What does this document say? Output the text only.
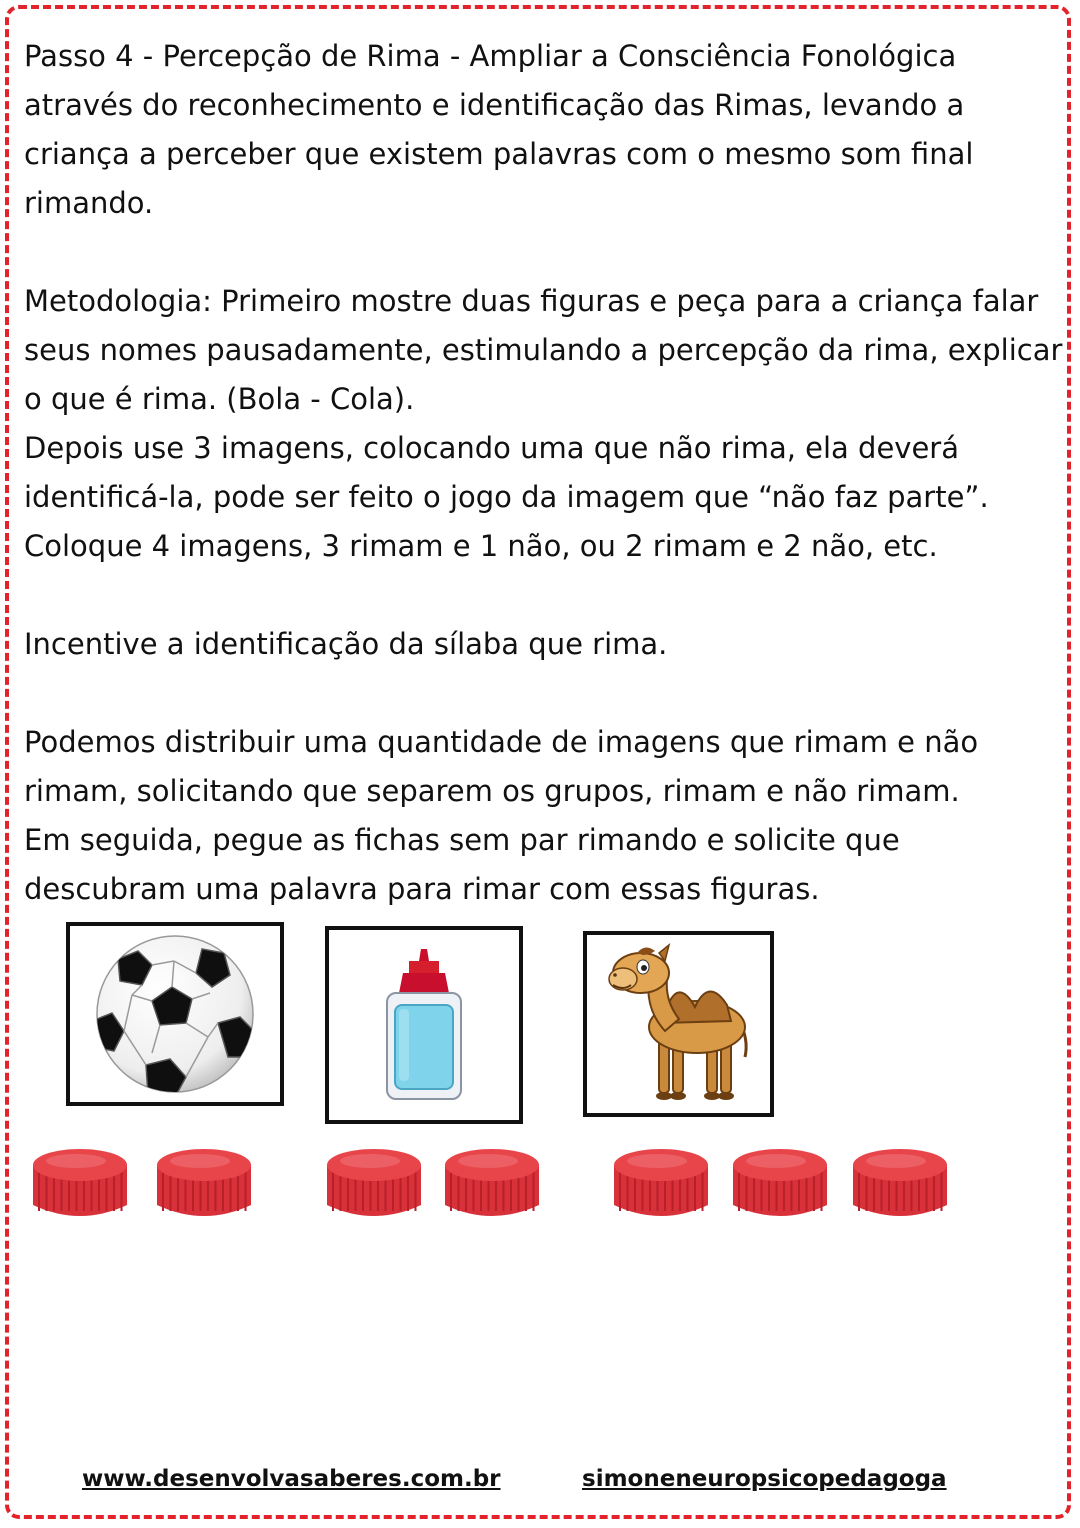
Passo 4 - Percepção de Rima - Ampliar a Consciência Fonológica através do reconhecimento e identificação das Rimas, levando a criança a perceber que existem palavras com o mesmo som final rimando.

Metodologia: Primeiro mostre duas figuras e peça para a criança falar seus nomes pausadamente, estimulando a percepção da rima, explicar o que é rima. (Bola - Cola).

Depois use 3 imagens, colocando uma que não rima, ela deverá identificá-la, pode ser feito o jogo da imagem que “não faz parte”.

Coloque 4 imagens, 3 rimam e 1 não, ou 2 rimam e 2 não, etc.

Incentive a identificação da sílaba que rima.

Podemos distribuir uma quantidade de imagens que rimam e não rimam, solicitando que separem os grupos, rimam e não rimam.

Em seguida, pegue as fichas sem par rimando e solicite que descubram uma palavra para rimar com essas figuras.

www.desenvolvasaberes.com.br	simoneneuropsicopedagoga
